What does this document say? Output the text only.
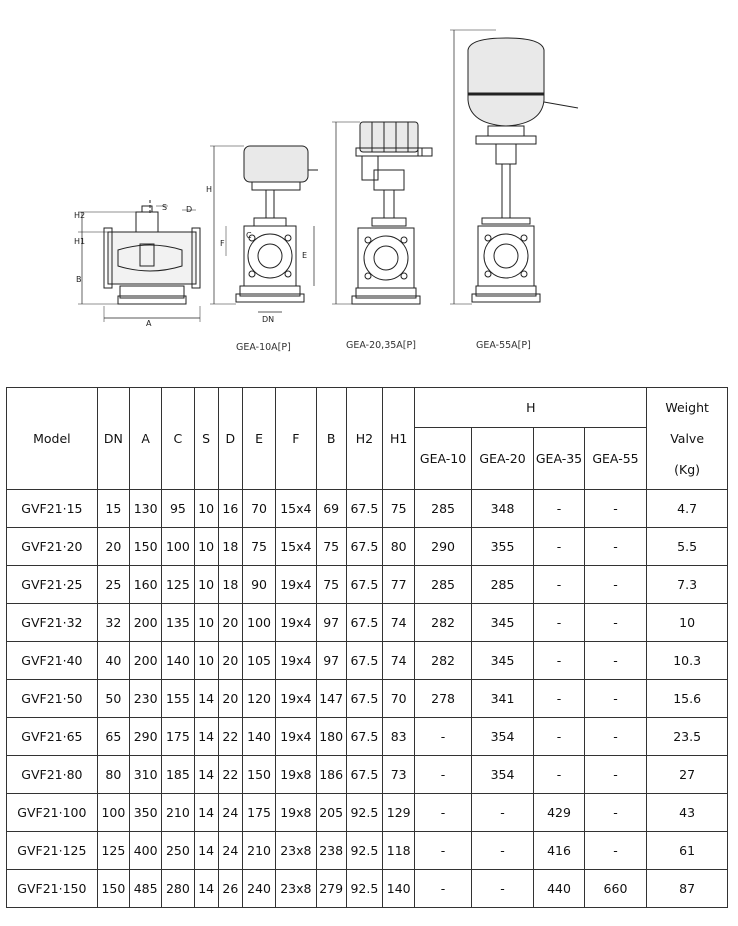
H2
H1
B
S D
A	DN
F
H
E
C
GEA-10A[P]	GEA-20,35A[P]	GEA-55A[P]
Model	DN	A	C	S	D	E	F	B	H2	H1	H				Weight
Valve
(Kg)

											GEA-10	GEA-20	GEA-35	GEA-55	
GVF21·15	15	130	95	10	16	70	15x4	69	67.5	75	285	348	-	-	4.7
GVF21·20	20	150	100	10	18	75	15x4	75	67.5	80	290	355	-	-	5.5
GVF21·25	25	160	125	10	18	90	19x4	75	67.5	77	285	285	-	-	7.3
GVF21·32	32	200	135	10	20	100	19x4	97	67.5	74	282	345	-	-	10
GVF21·40	40	200	140	10	20	105	19x4	97	67.5	74	282	345	-	-	10.3
GVF21·50	50	230	155	14	20	120	19x4	147	67.5	70	278	341	-	-	15.6
GVF21·65	65	290	175	14	22	140	19x4	180	67.5	83	-	354	-	-	23.5
GVF21·80	80	310	185	14	22	150	19x8	186	67.5	73	-	354	-	-	27
GVF21·100	100	350	210	14	24	175	19x8	205	92.5	129	-	-	429	-	43
GVF21·125	125	400	250	14	24	210	23x8	238	92.5	118	-	-	416	-	61
GVF21·150	150	485	280	14	26	240	23x8	279	92.5	140	-	-	440	660	87
